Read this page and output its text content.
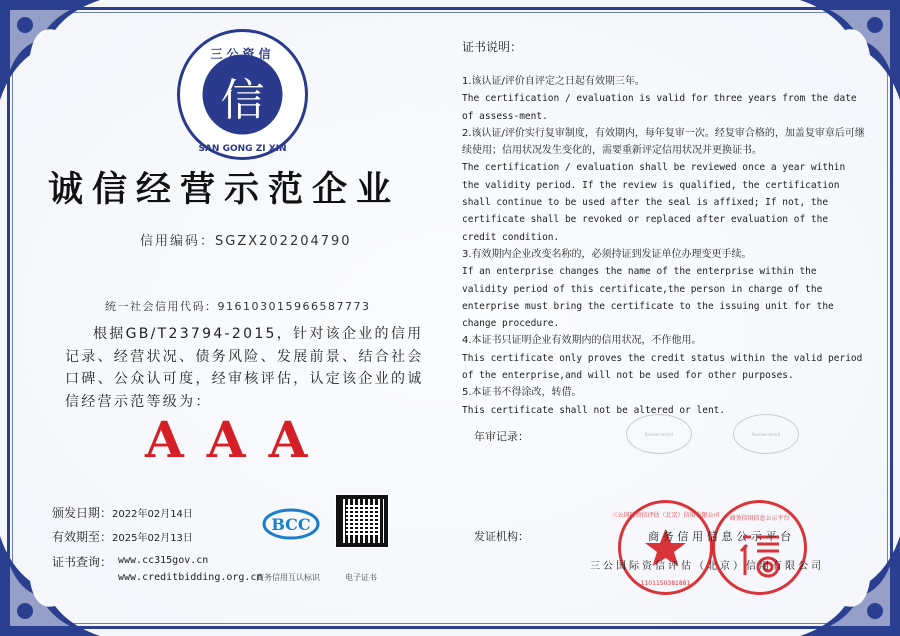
信
三公资信
SAN GONG ZI XIN
诚信经营示范企业
信用编码：SGZX202204790
统一社会信用代码：916103015966587773
根据GB/T23794-2015，针对该企业的信用记录、经营状况、债务风险、发展前景、结合社会口碑、公众认可度，经审核评估，认定该企业的诚信经营示范等级为：
AAA
颁发日期：2022年02月14日
有效期至：2025年02月13日
证书查询： www.cc315gov.cn
www.creditbidding.org.cn
BCC
商务信用互认标识	电子证书
证书说明：

1.该认证/评价自评定之日起有效期三年。

The certification / evaluation is valid for three years from the date of assess-ment.

2.该认证/评价实行复审制度，有效期内，每年复审一次。经复审合格的，加盖复审章后可继续使用；信用状况发生变化的，需要重新评定信用状况并更换证书。

The certification / evaluation shall be reviewed once a year within the validity period. If the review is qualified, the certification shall continue to be used after the seal is affixed; If not, the certificate shall be revoked or replaced after evaluation of the credit condition.

3.有效期内企业改变名称的，必须持证到发证单位办理变更手续。

If an enterprise changes the name of the enterprise within the validity period of this certificate,the person in charge of the enterprise must bring the certificate to the issuing unit for the change procedure.

4.本证书只证明企业有效期内的信用状况，不作他用。

This certificate only proves the credit status within the valid period of the enterprise,and will not be used for other purposes.

5.本证书不得涂改，转借。

This certificate shall not be altered or lent.

年审记录：	Review record	Review record
发证机构：
三公国际资信评估（北京）信用有限公司
1101150381881
商务信用信息公示平台
商务信用信息公示平台
三公国际资信评估（北京）信用有限公司
